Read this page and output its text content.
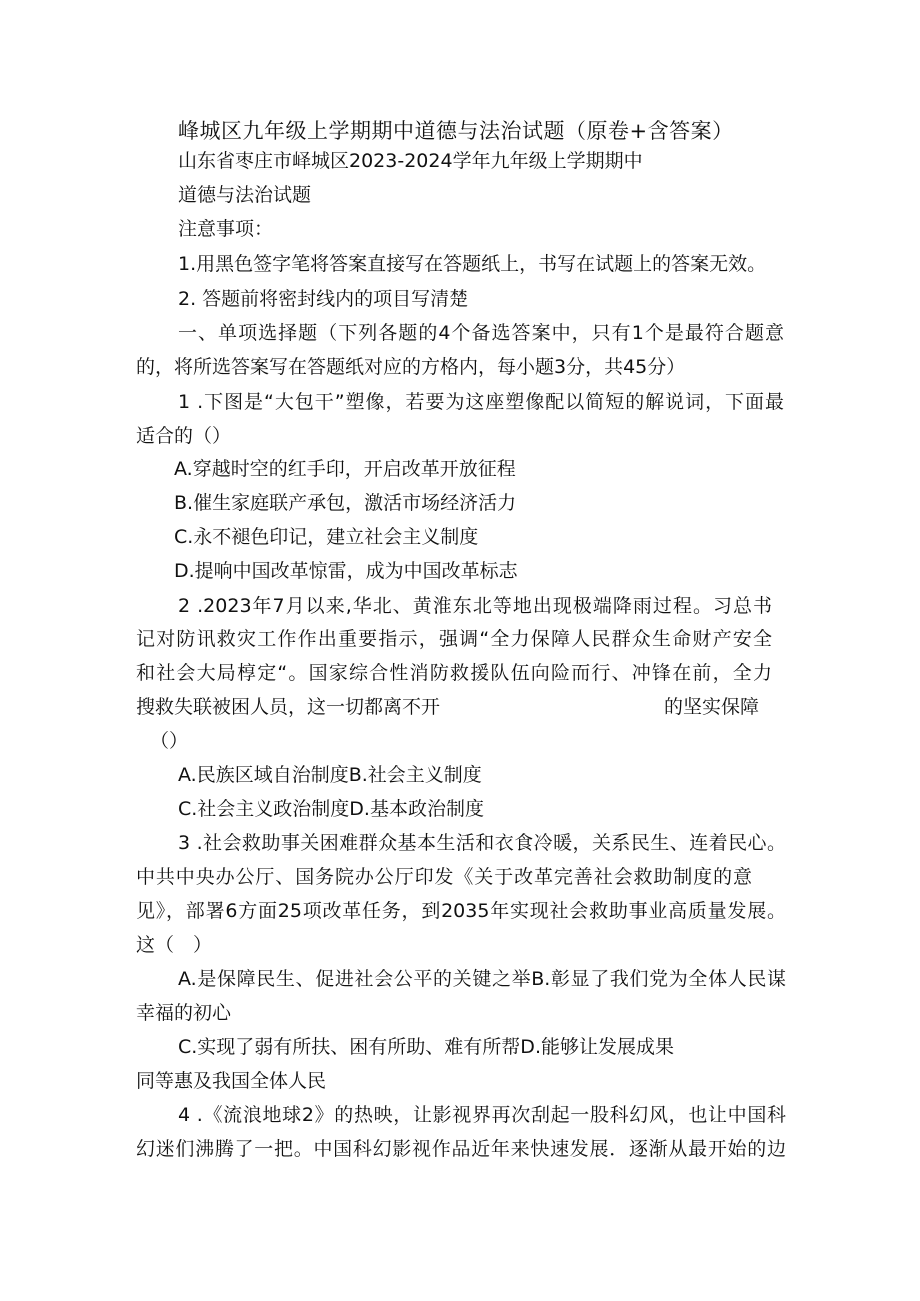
峰城区九年级上学期期中道德与法治试题（原卷+含答案）
山东省枣庄市峄城区2023-2024学年九年级上学期期中
道德与法治试题
注意事项：
1.用黑色签字笔将答案直接写在答题纸上，书写在试题上的答案无效。
2. 答题前将密封线内的项目写清楚
一、单项选择题（下列各题的4个备选答案中，只有1个是最符合题意
的，将所选答案写在答题纸对应的方格内，每小题3分，共45分）
1 .下图是“大包干”塑像，若要为这座塑像配以简短的解说词，下面最
适合的（）
A.穿越时空的红手印，开启改革开放征程
B.催生家庭联产承包，激活市场经济活力
C.永不褪色印记，建立社会主义制度
D.提响中国改革惊雷，成为中国改革标志
2 .2023年7月以来,华北、黄淮东北等地出现极端降雨过程。习总书
记对防讯救灾工作作出重要指示，强调“全力保障人民群众生命财产安全
和社会大局椁定“。国家综合性消防救援队伍向险而行、冲锋在前，全力
搜救失联被困人员，这一切都离不开	的坚实保障
（）
A.民族区域自治制度B.社会主义制度
C.社会主义政治制度D.基本政治制度
3 .社会救助事关困难群众基本生活和衣食冷暖，关系民生、连着民心。
中共中央办公厅、国务院办公厅印发《关于改革完善社会救助制度的意
见》，部署6方面25项改革任务，到2035年实现社会救助事业高质量发展。
这（　）
A.是保障民生、促进社会公平的关键之举B.彰显了我们党为全体人民谋
幸福的初心
C.实现了弱有所扶、困有所助、难有所帮D.能够让发展成果
同等惠及我国全体人民
4 .《流浪地球2》的热映，让影视界再次刮起一股科幻风，也让中国科
幻迷们沸腾了一把。中国科幻影视作品近年来快速发展．逐渐从最开始的边
